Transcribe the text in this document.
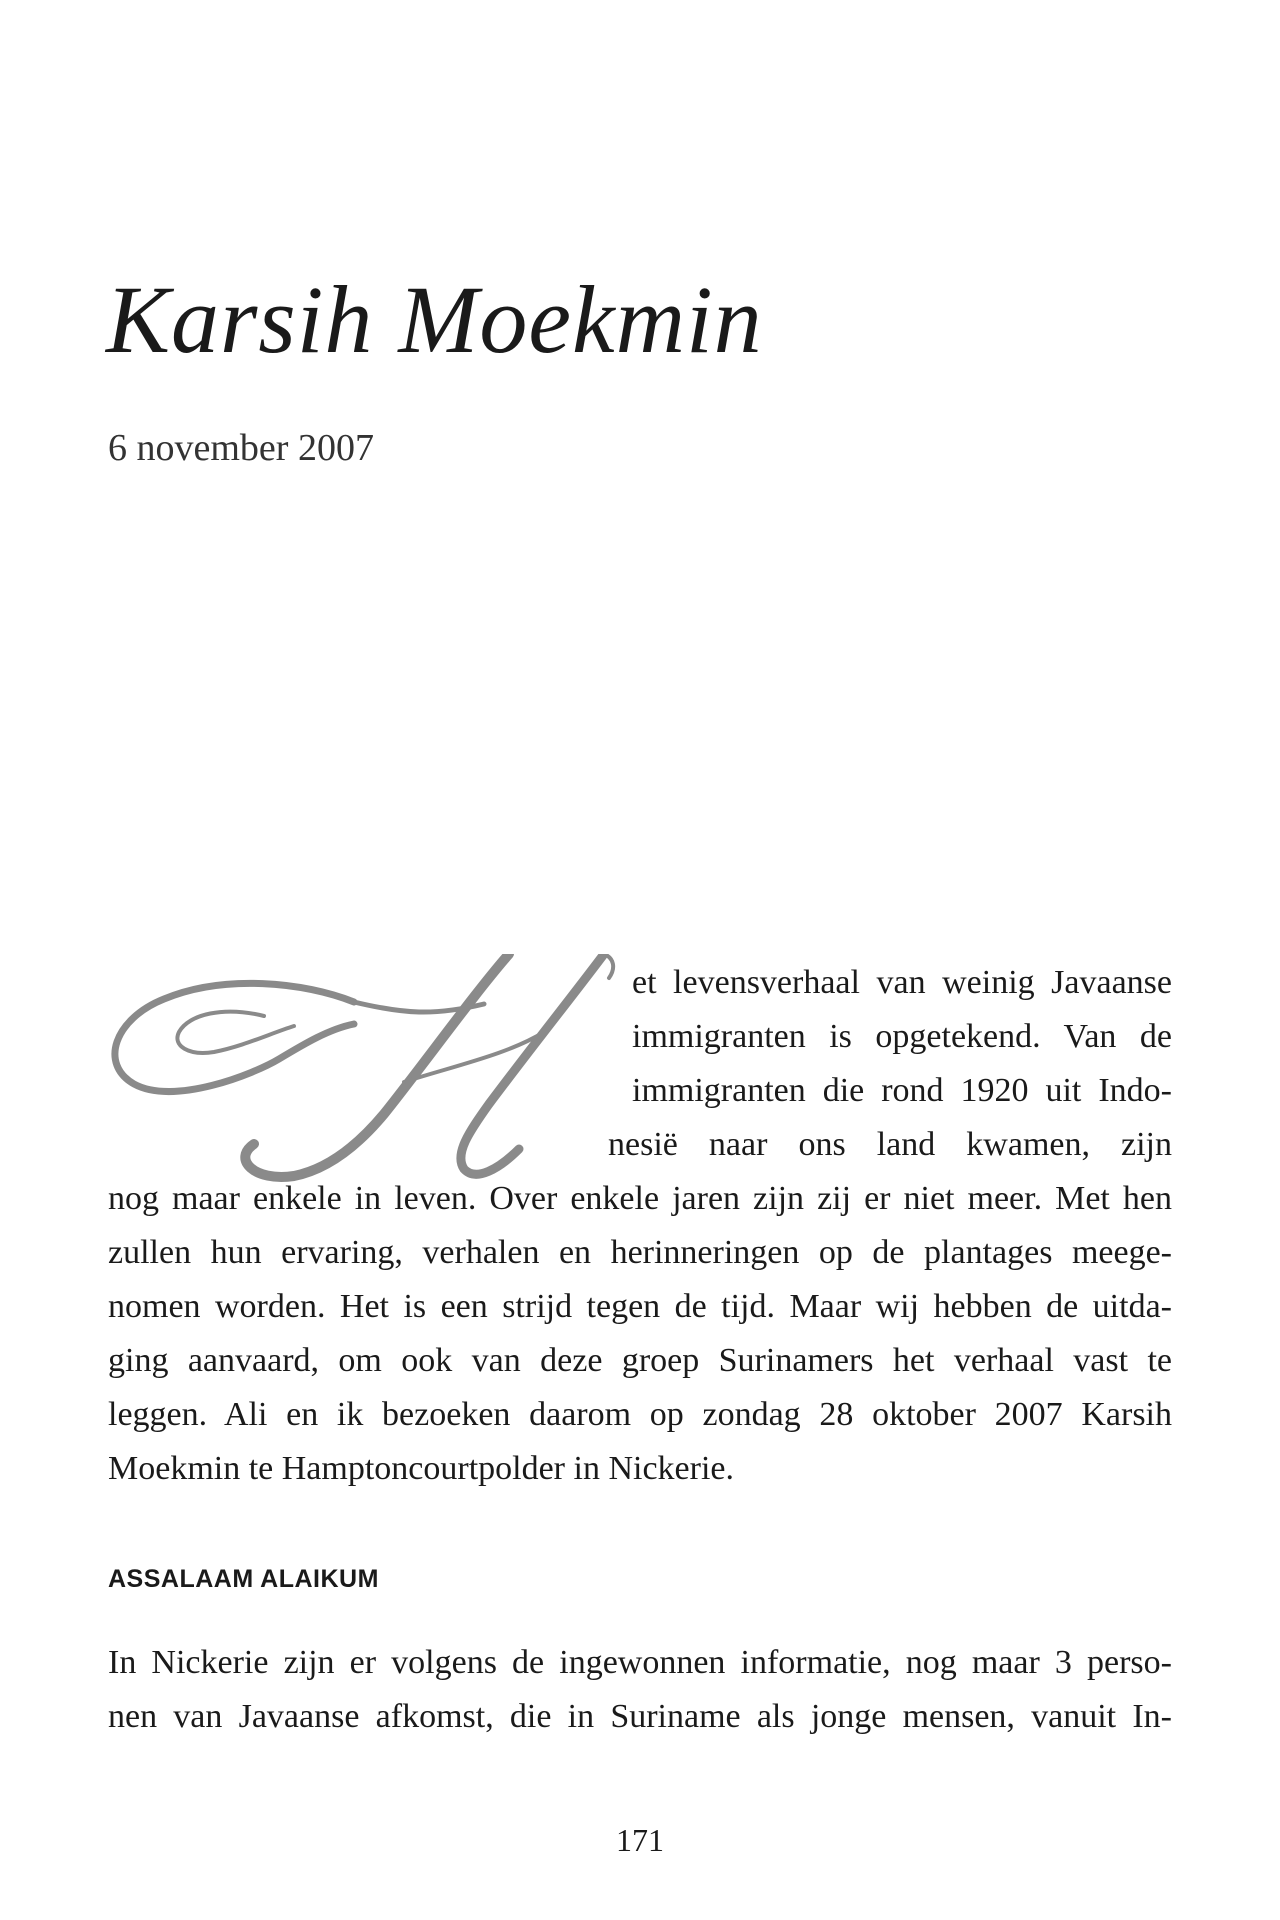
Karsih Moekmin
6 november 2007
et levensverhaal van weinig Javaanse
immigranten is opgetekend. Van de
immigranten die rond 1920 uit Indo-
nesië naar ons land kwamen, zijn
nog maar enkele in leven. Over enkele jaren zijn zij er niet meer. Met hen
zullen hun ervaring, verhalen en herinneringen op de plantages meege-
nomen worden. Het is een strijd tegen de tijd. Maar wij hebben de uitda-
ging aanvaard, om ook van deze groep Surinamers het verhaal vast te
leggen. Ali en ik bezoeken daarom op zondag 28 oktober 2007 Karsih
Moekmin te Hamptoncourtpolder in Nickerie.
ASSALAAM ALAIKUM
In Nickerie zijn er volgens de ingewonnen informatie, nog maar 3 perso-
nen van Javaanse afkomst, die in Suriname als jonge mensen, vanuit In-
171
